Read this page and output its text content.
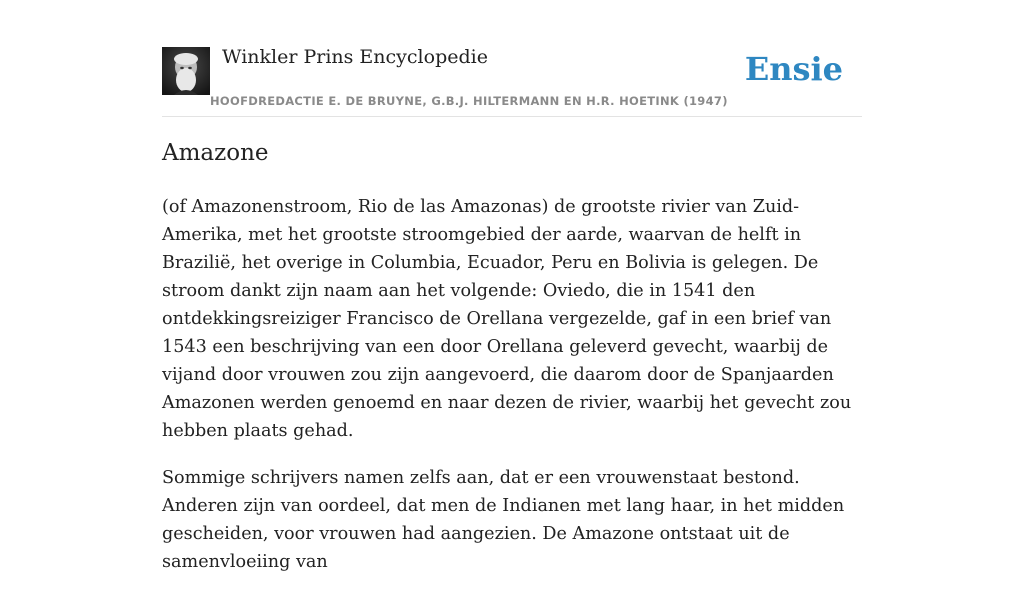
Winkler Prins Encyclopedie
HOOFDREDACTIE E. DE BRUYNE, G.B.J. HILTERMANN EN H.R. HOETINK (1947)
Ensie
Amazone

(of Amazonenstroom, Rio de las Amazonas) de grootste rivier van Zuid-Amerika, met het grootste stroomgebied der aarde, waarvan de helft in Brazilië, het overige in Columbia, Ecuador, Peru en Bolivia is gelegen. De stroom dankt zijn naam aan het volgende: Oviedo, die in 1541 den ontdekkingsreiziger Francisco de Orellana vergezelde, gaf in een brief van 1543 een beschrijving van een door Orellana geleverd gevecht, waarbij de vijand door vrouwen zou zijn aangevoerd, die daarom door de Spanjaarden Amazonen werden genoemd en naar dezen de rivier, waarbij het gevecht zou hebben plaats gehad.

Sommige schrijvers namen zelfs aan, dat er een vrouwenstaat bestond. Anderen zijn van oordeel, dat men de Indianen met lang haar, in het midden gescheiden, voor vrouwen had aangezien. De Amazone ontstaat uit de samenvloeiing van
